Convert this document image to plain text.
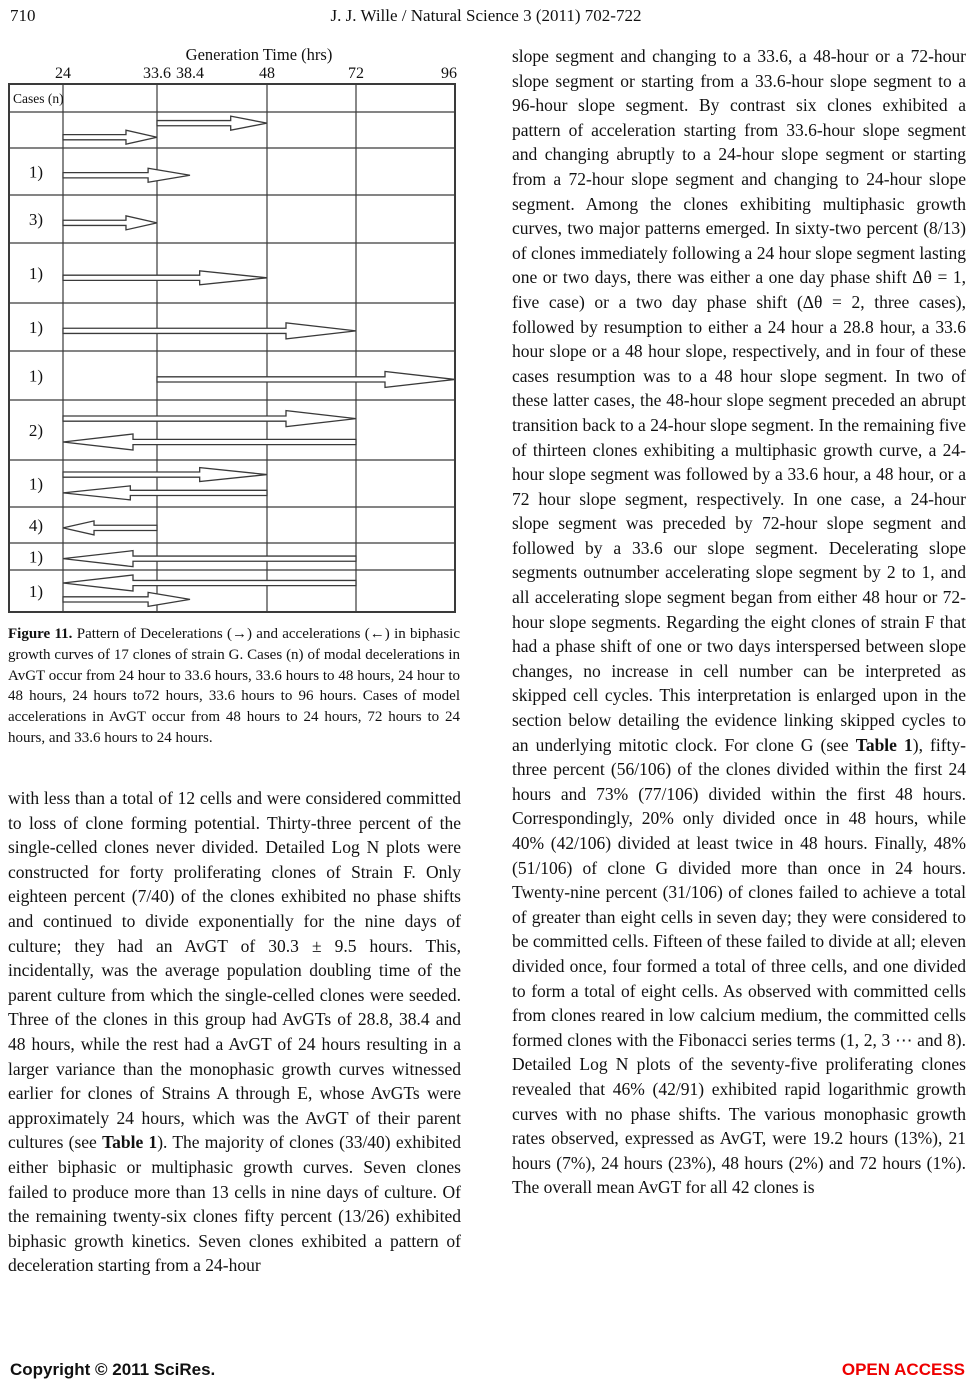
710	J. J. Wille / Natural Science 3 (2011) 702-722
Generation Time (hrs)
24	33.6 38.4	48	72	96
Cases (n)
1)
3)
1)
1)
1)
2)
1)
4)
1)
1)

Figure 11. Pattern of Decelerations (→) and accelerations (←) in biphasic growth curves of 17 clones of strain G. Cases (n) of modal decelerations in AvGT occur from 24 hour to 33.6 hours, 33.6 hours to 48 hours, 24 hour to 48 hours, 24 hours to72 hours, 33.6 hours to 96 hours. Cases of model accelerations in AvGT occur from 48 hours to 24 hours, 72 hours to 24 hours, and 33.6 hours to 24 hours.

with less than a total of 12 cells and were considered committed to loss of clone forming potential. Thirty-three percent of the single-celled clones never divided. Detailed Log N plots were constructed for forty proliferating clones of Strain F. Only eighteen percent (7/40) of the clones exhibited no phase shifts and continued to divide exponentially for the nine days of culture; they had an AvGT of 30.3 ± 9.5 hours. This, incidentally, was the average population doubling time of the parent culture from which the single-celled clones were seeded. Three of the clones in this group had AvGTs of 28.8, 38.4 and 48 hours, while the rest had a AvGT of 24 hours resulting in a larger variance than the monophasic growth curves witnessed earlier for clones of Strains A through E, whose AvGTs were approximately 24 hours, which was the AvGT of their parent cultures (see Table 1). The majority of clones (33/40) exhibited either biphasic or multiphasic growth curves. Seven clones failed to produce more than 13 cells in nine days of culture. Of the remaining twenty-six clones fifty percent (13/26) exhibited biphasic growth kinetics. Seven clones exhibited a pattern of deceleration starting from a 24-hour

slope segment and changing to a 33.6, a 48-hour or a 72-hour slope segment or starting from a 33.6-hour slope segment to a 96-hour slope segment. By contrast six clones exhibited a pattern of acceleration starting from 33.6-hour slope segment and changing abruptly to a 24-hour slope segment or starting from a 72-hour slope segment and changing to 24-hour slope segment. Among the clones exhibiting multiphasic growth curves, two major patterns emerged. In sixty-two percent (8/13) of clones immediately following a 24 hour slope segment lasting one or two days, there was either a one day phase shift Δθ = 1, five case) or a two day phase shift (Δθ = 2, three cases), followed by resumption to either a 24 hour a 28.8 hour, a 33.6 hour slope or a 48 hour slope, respectively, and in four of these cases resumption was to a 48 hour slope segment. In two of these latter cases, the 48-hour slope segment preceded an abrupt transition back to a 24-hour slope segment. In the remaining five of thirteen clones exhibiting a multiphasic growth curve, a 24-hour slope segment was followed by a 33.6 hour, a 48 hour, or a 72 hour slope segment, respectively. In one case, a 24-hour slope segment was preceded by 72-hour slope segment and followed by a 33.6 our slope segment. Decelerating slope segments outnumber accelerating slope segment by 2 to 1, and all accelerating slope segment began from either 48 hour or 72-hour slope segments. Regarding the eight clones of strain F that had a phase shift of one or two days interspersed between slope changes, no increase in cell number can be interpreted as skipped cell cycles. This interpretation is enlarged upon in the section below detailing the evidence linking skipped cycles to an underlying mitotic clock. For clone G (see Table 1), fifty-three percent (56/106) of the clones divided within the first 24 hours and 73% (77/106) divided within the first 48 hours. Correspondingly, 20% only divided once in 48 hours, while 40% (42/106) divided at least twice in 48 hours. Finally, 48% (51/106) of clone G divided more than once in 24 hours. Twenty-nine percent (31/106) of clones failed to achieve a total of greater than eight cells in seven day; they were considered to be committed cells. Fifteen of these failed to divide at all; eleven divided once, four formed a total of three cells, and one divided to form a total of eight cells. As observed with committed cells from clones reared in low calcium medium, the committed cells formed clones with the Fibonacci series terms (1, 2, 3 ⋯ and 8). Detailed Log N plots of the seventy-five proliferating clones revealed that 46% (42/91) exhibited rapid logarithmic growth curves with no phase shifts. The various monophasic growth rates observed, expressed as AvGT, were 19.2 hours (13%), 21 hours (7%), 24 hours (23%), 48 hours (2%) and 72 hours (1%). The overall mean AvGT for all 42 clones is

Copyright © 2011 SciRes.	OPEN ACCESS
